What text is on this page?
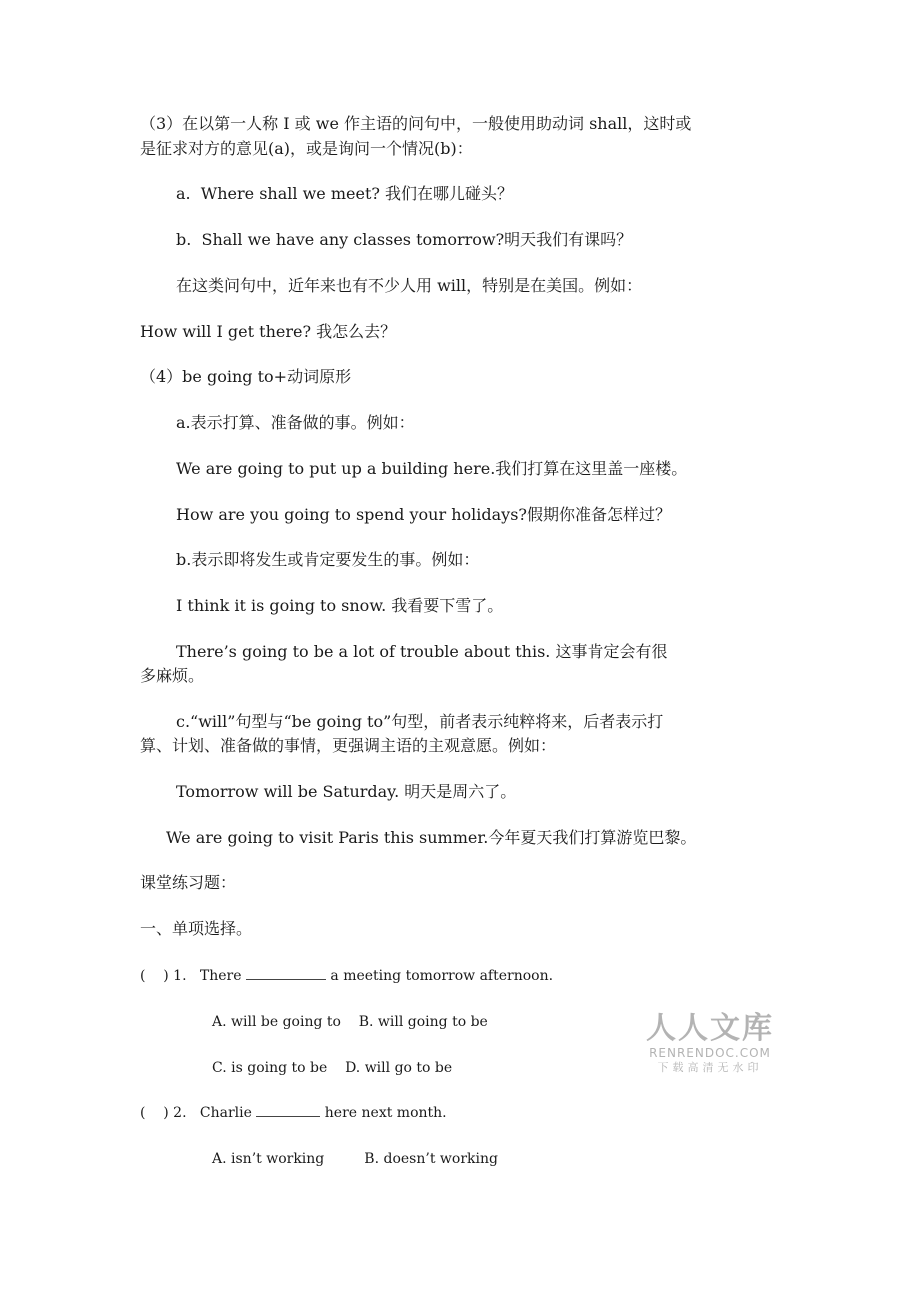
（3）在以第一人称 I 或 we 作主语的问句中，一般使用助动词 shall，这时或

是征求对方的意见(a)，或是询问一个情况(b)：

a.  Where shall we meet? 我们在哪儿碰头？

b.  Shall we have any classes tomorrow?明天我们有课吗？

在这类问句中，近年来也有不少人用 will，特别是在美国。例如：

How will I get there? 我怎么去？

（4）be going to+动词原形

a.表示打算、准备做的事。例如：

We are going to put up a building here.我们打算在这里盖一座楼。

How are you going to spend your holidays?假期你准备怎样过？

b.表示即将发生或肯定要发生的事。例如：

I think it is going to snow. 我看要下雪了。

There’s going to be a lot of trouble about this. 这事肯定会有很

多麻烦。

c.“will”句型与“be going to”句型，前者表示纯粹将来，后者表示打

算、计划、准备做的事情，更强调主语的主观意愿。例如：

Tomorrow will be Saturday. 明天是周六了。

We are going to visit Paris this summer.今年夏天我们打算游览巴黎。

课堂练习题：

一、单项选择。

(    ) 1.   There	a meeting tomorrow afternoon.

A. will be going to    B. will going to be

C. is going to be    D. will go to be

(    ) 2.   Charlie	here next month.

A. isn’t working         B. doesn’t working

人人文库
RENRENDOC.COM
下载高清无水印
